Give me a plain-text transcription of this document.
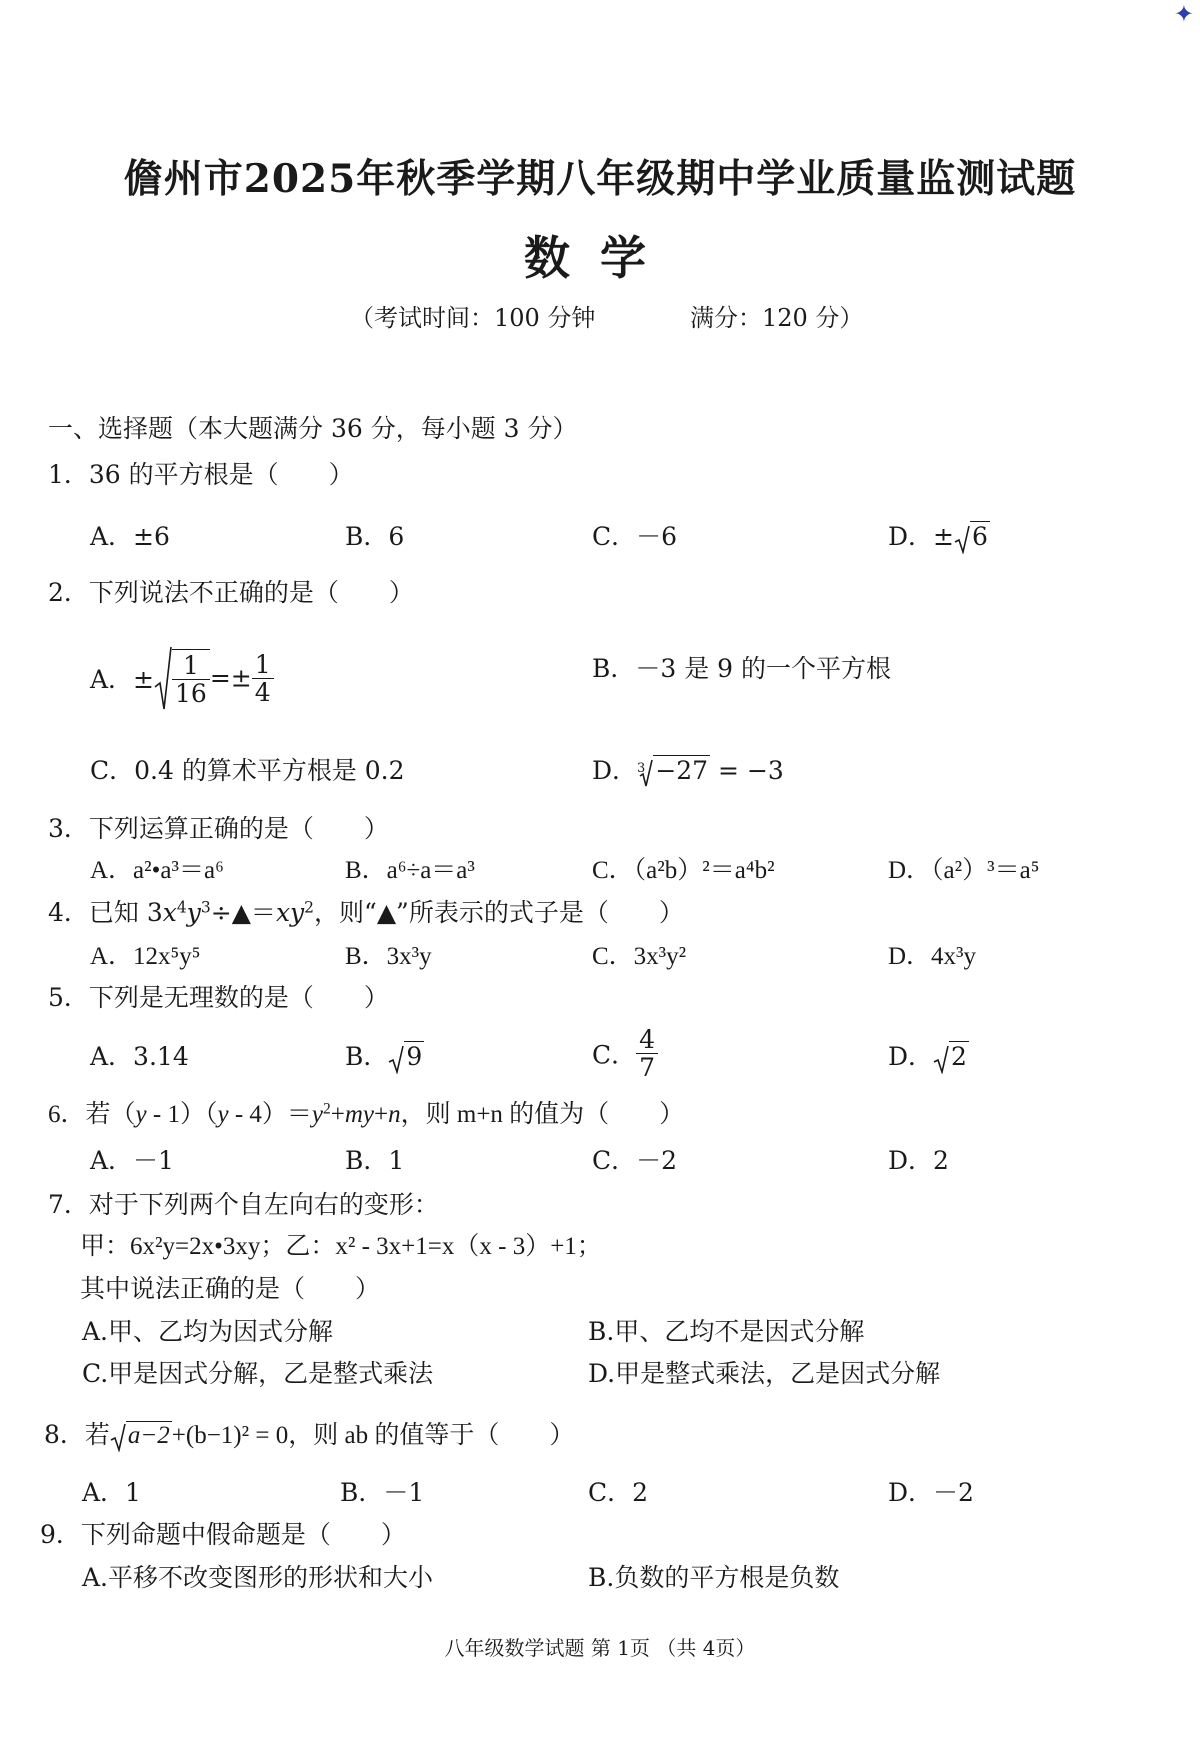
✦
儋州市2025年秋季学期八年级期中学业质量监测试题
数学
（考试时间：100 分钟	满分：120 分）
一、选择题（本大题满分 36 分，每小题 3 分）
1．36 的平方根是（　　）
A．±6	B．6	C．－6	D．± 6
2．下列说法不正确的是（　　）
A．± $\frac{1}{16} =\pm \frac{1}{4}$	B．－3 是 9 的一个平方根
C．0.4 的算术平方根是 0.2	D．$^3$ −27 = −3
3．下列运算正确的是（　　）
A．a²•a³＝a⁶	B．a⁶÷a＝a³	C．（a²b）²＝a⁴b²	D．（a²）³＝a⁵
4．已知 $3x^4y^3\div▲=xy^2$，则“▲”所表示的式子是（　　）
A．12x⁵y⁵	B．3x³y	C．3x³y²	D．4x³y
5．下列是无理数的是（　　）
A．3.14	B． 9	C． $\frac{4}{7}$	D． 2
6．若$(y - 1)(y - 4)=y^2+my+n$，则 m+n 的值为（　　）
A．－1	B．1	C．－2	D．2
7．对于下列两个自左向右的变形：
甲：6x²y=2x•3xy；乙：x² - 3x+1=x（x - 3）+1；
其中说法正确的是（　　）
A.甲、乙均为因式分解	B.甲、乙均不是因式分解
C.甲是因式分解，乙是整式乘法	D.甲是整式乘法，乙是因式分解
8．若 a−2+(b−1)² = 0，则 ab 的值等于（　　）
A．1	B．－1	C．2	D．－2
9．下列命题中假命题是（　　）
A.平移不改变图形的形状和大小	B.负数的平方根是负数
八年级数学试题 第 1页 （共 4页）
